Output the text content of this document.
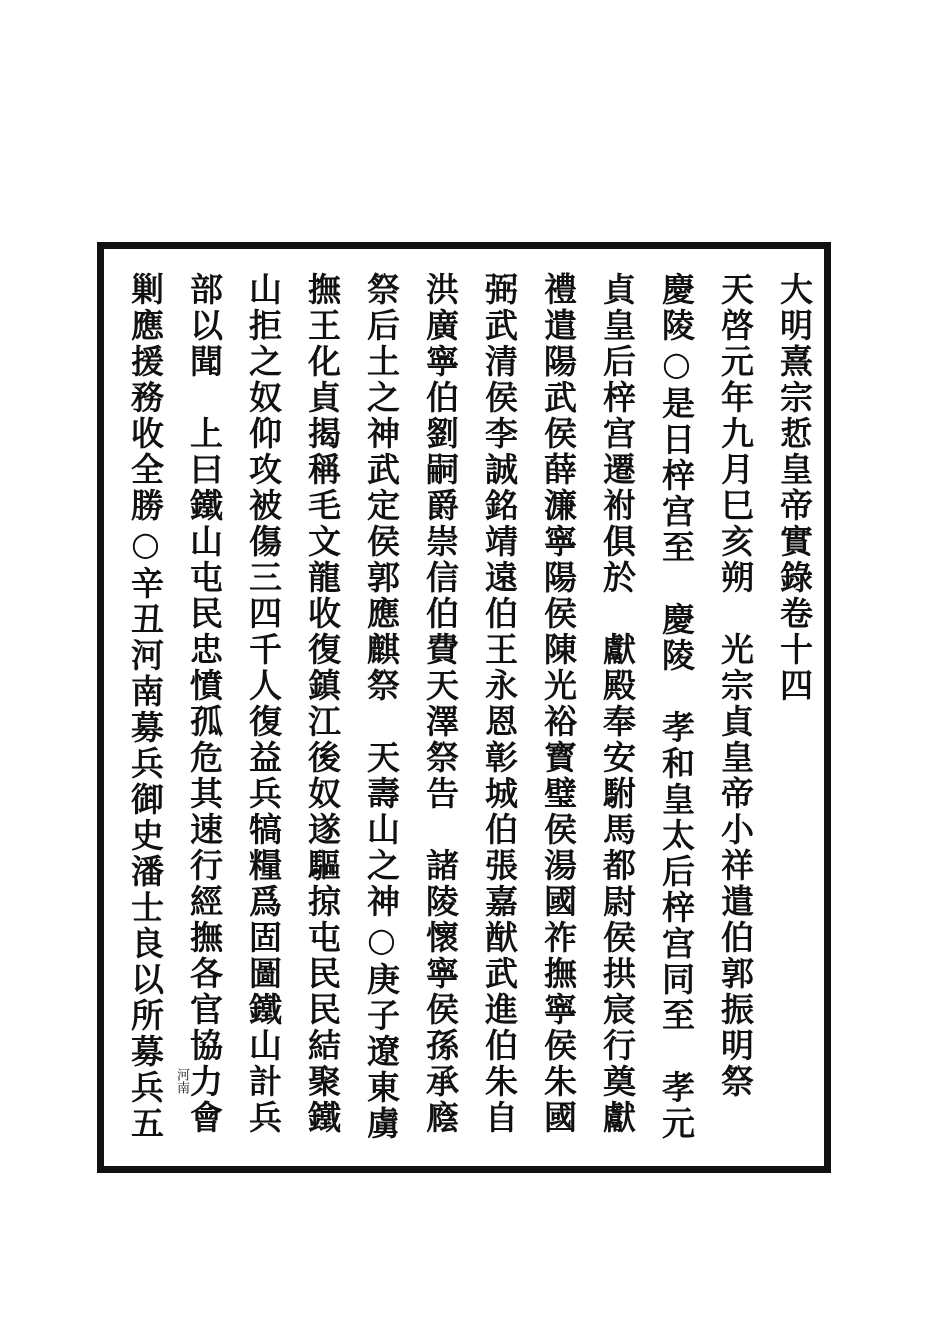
大明熹宗悊皇帝實錄卷十四
天啓元年九月巳亥朔　光宗貞皇帝小祥遣伯郭振明祭
慶陵○是日梓宫至　慶陵　孝和皇太后梓宫同至　孝元
貞皇后梓宫遷祔俱於　獻殿奉安駙馬都尉侯拱宸行奠獻
禮遣陽武侯薛濂寧陽侯陳光裕寳璧侯湯國祚撫寧侯朱國
弼武清侯李誠銘靖遠伯王永恩彰城伯張嘉猷武進伯朱自
洪廣寧伯劉嗣爵崇信伯費天澤祭告　諸陵懷寧侯孫承廕
祭后土之神武定侯郭應麒祭　天壽山之神○庚子遼東虜
撫王化貞揭稱毛文龍收復鎮江後奴遂驅掠屯民民結聚鐵
山拒之奴仰攻被傷三四千人復益兵犒糧爲固圖鐵山計兵
部以聞　上曰鐵山屯民忠憤孤危其速行經撫各官協力會
剿應援務收全勝○辛丑河南募兵御史潘士良以所募兵五 河南
